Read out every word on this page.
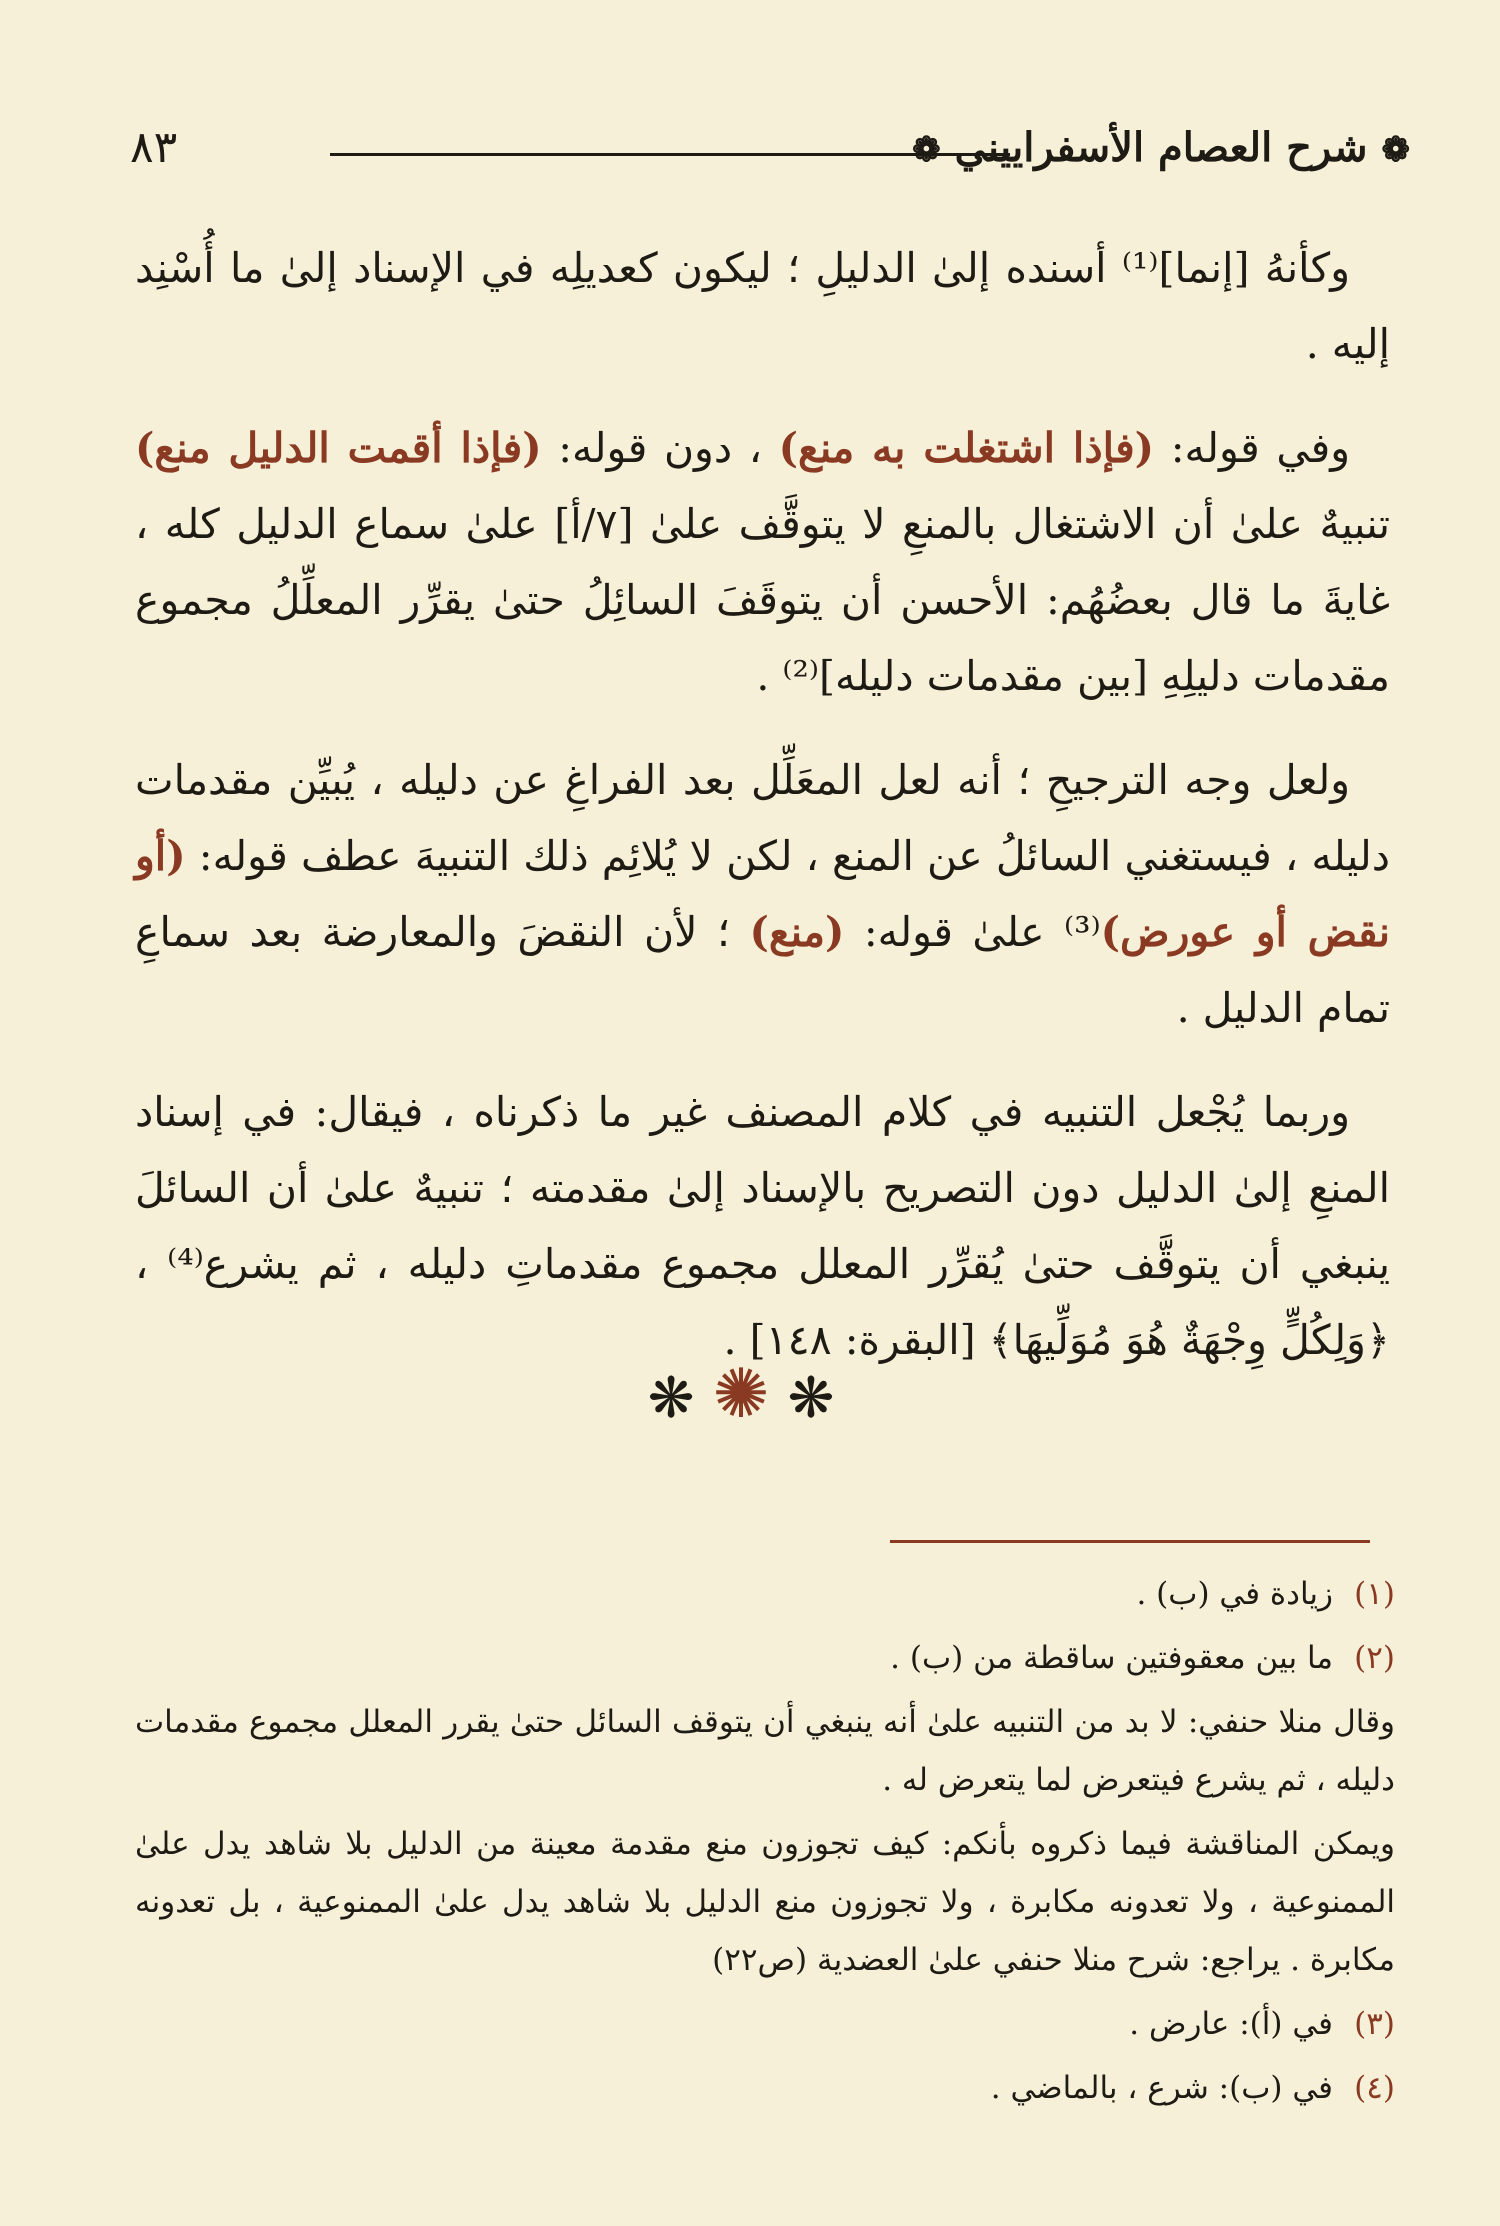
٨٣	❁ شرح العصام الأسفراييني ❁

وكأنهُ [إنما]⁽¹⁾ أسنده إلىٰ الدليلِ ؛ ليكون كعديلِه في الإسناد إلىٰ ما أُسْنِد إليه .

وفي قوله: (فإذا اشتغلت به منع) ، دون قوله: (فإذا أقمت الدليل منع) تنبيهٌ علىٰ أن الاشتغال بالمنعِ لا يتوقَّف علىٰ [٧/أ] علىٰ سماع الدليل كله ، غايةَ ما قال بعضُهُم: الأحسن أن يتوقَفَ السائِلُ حتىٰ يقرِّر المعلِّلُ مجموع مقدمات دليلِهِ [بين مقدمات دليله]⁽²⁾ .

ولعل وجه الترجيحِ ؛ أنه لعل المعَلِّل بعد الفراغِ عن دليله ، يُبيِّن مقدمات دليله ، فيستغني السائلُ عن المنع ، لكن لا يُلائِم ذلك التنبيهَ عطف قوله: (أو نقض أو عورض)⁽³⁾ علىٰ قوله: (منع) ؛ لأن النقضَ والمعارضة بعد سماعِ تمام الدليل .

وربما يُجْعل التنبيه في كلام المصنف غير ما ذكرناه ، فيقال: في إسناد المنعِ إلىٰ الدليل دون التصريح بالإسناد إلىٰ مقدمته ؛ تنبيهٌ علىٰ أن السائلَ ينبغي أن يتوقَّف حتىٰ يُقرِّر المعلل مجموع مقدماتِ دليله ، ثم يشرع⁽⁴⁾ ، ﴿وَلِكُلٍّ وِجْهَةٌ هُوَ مُوَلِّيهَا﴾ [البقرة: ١٤٨] .

❋✺❋
(١)
زيادة في (ب) .
(٢)
ما بين معقوفتين ساقطة من (ب) .
وقال منلا حنفي: لا بد من التنبيه علىٰ أنه ينبغي أن يتوقف السائل حتىٰ يقرر المعلل مجموع مقدمات دليله ، ثم يشرع فيتعرض لما يتعرض له .
ويمكن المناقشة فيما ذكروه بأنكم: كيف تجوزون منع مقدمة معينة من الدليل بلا شاهد يدل علىٰ الممنوعية ، ولا تعدونه مكابرة ، ولا تجوزون منع الدليل بلا شاهد يدل علىٰ الممنوعية ، بل تعدونه مكابرة . يراجع: شرح منلا حنفي علىٰ العضدية (ص٢٢)
(٣)
في (أ): عارض .
(٤)
في (ب): شرع ، بالماضي .
